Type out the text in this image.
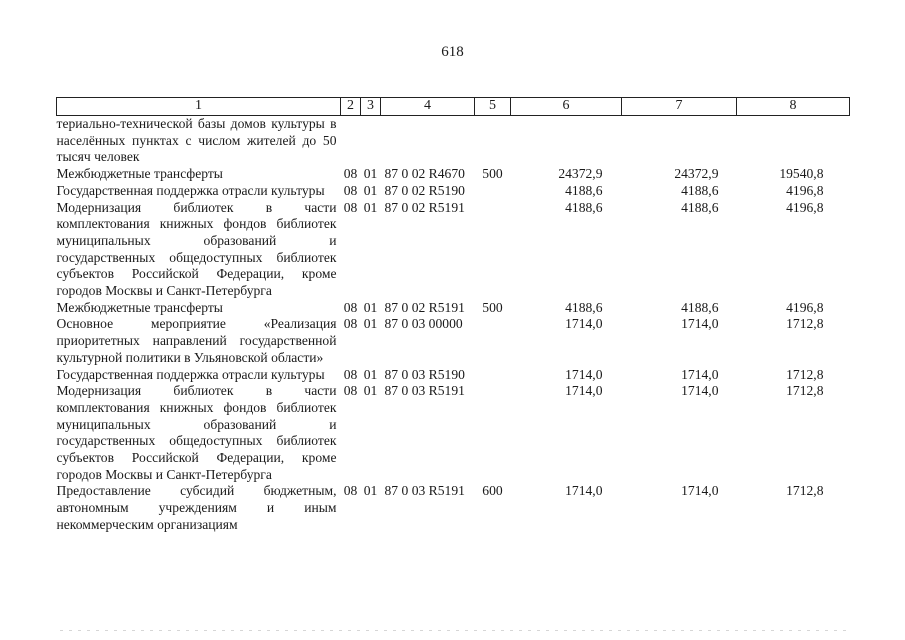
618
1	2	3	4	5	6	7	8

териально-технической базы домов культуры в населённых пунктах с числом жителей до 50 тысяч человек							

Межбюджетные трансферты	08	01	87 0 02 R4670	500	24372,9	24372,9	19540,8

Государственная поддержка отрасли культуры	08	01	87 0 02 R5190		4188,6	4188,6	4196,8

Модернизация библиотек в части комплектования книжных фондов библиотек муниципальных образований и государственных общедоступных библиотек субъектов Российской Федерации, кроме городов Москвы и Санкт-Петербурга	08	01	87 0 02 R5191		4188,6	4188,6	4196,8

Межбюджетные трансферты	08	01	87 0 02 R5191	500	4188,6	4188,6	4196,8

Основное мероприятие «Реализация приоритетных направлений государственной культурной политики в Ульяновской области»	08	01	87 0 03 00000		1714,0	1714,0	1712,8

Государственная поддержка отрасли культуры	08	01	87 0 03 R5190		1714,0	1714,0	1712,8

Модернизация библиотек в части комплектования книжных фондов библиотек муниципальных образований и государственных общедоступных библиотек субъектов Российской Федерации, кроме городов Москвы и Санкт-Петербурга	08	01	87 0 03 R5191		1714,0	1714,0	1712,8

Предоставление субсидий бюджетным, автономным учреждениям и иным некоммерческим организациям	08	01	87 0 03 R5191	600	1714,0	1714,0	1712,8
